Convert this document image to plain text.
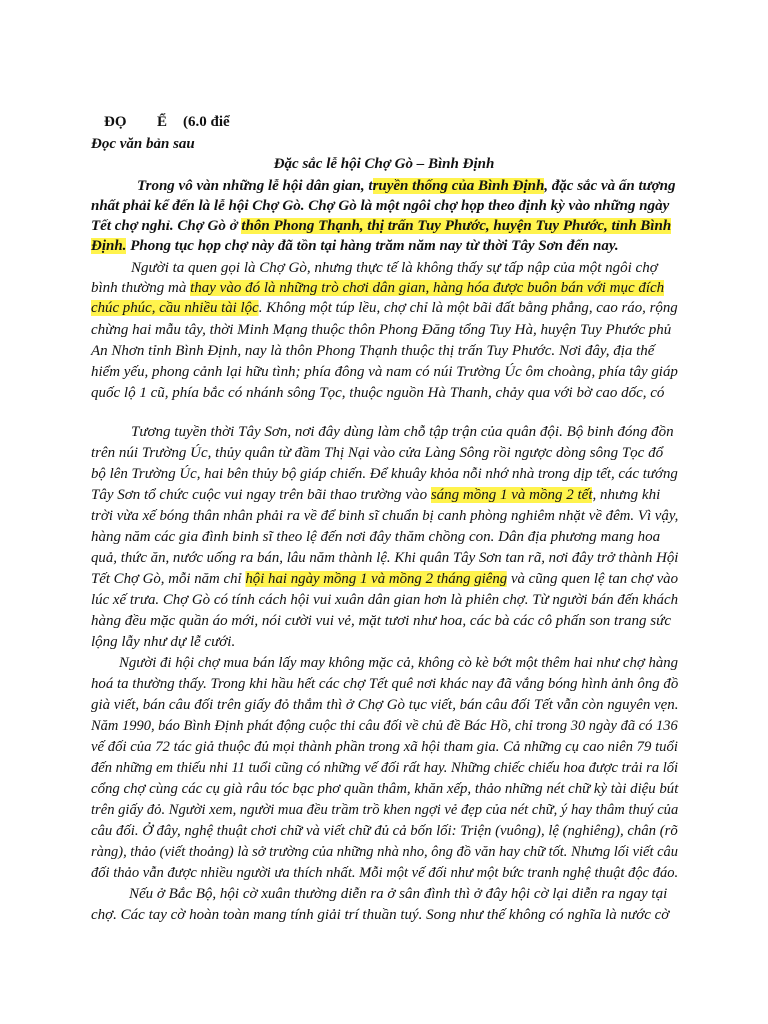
ĐỌ Ể (6.0 điể
Đọc văn bản sau
Đặc sắc lễ hội Chợ Gò – Bình Định
Trong vô vàn những lễ hội dân gian, truyền thống của Bình Định, đặc sắc và ấn tượng
nhất phải kể đến là lễ hội Chợ Gò. Chợ Gò là một ngôi chợ họp theo định kỳ vào những ngày
Tết chợ nghỉ. Chợ Gò ở thôn Phong Thạnh, thị trấn Tuy Phước, huyện Tuy Phước, tỉnh Bình
Định. Phong tục họp chợ này đã tồn tại hàng trăm năm nay từ thời Tây Sơn đến nay.
Người ta quen gọi là Chợ Gò, nhưng thực tế là không thấy sự tấp nập của một ngôi chợ
bình thường mà thay vào đó là những trò chơi dân gian, hàng hóa được buôn bán với mục đích
chúc phúc, cầu nhiều tài lộc. Không một túp lều, chợ chỉ là một bãi đất bằng phẳng, cao ráo, rộng
chừng hai mẫu tây, thời Minh Mạng thuộc thôn Phong Đăng tổng Tuy Hà, huyện Tuy Phước phủ
An Nhơn tỉnh Bình Định, nay là thôn Phong Thạnh thuộc thị trấn Tuy Phước. Nơi đây, địa thế
hiểm yếu, phong cảnh lại hữu tình; phía đông và nam có núi Trường Úc ôm choàng, phía tây giáp
quốc lộ 1 cũ, phía bắc có nhánh sông Tọc, thuộc nguồn Hà Thanh, chảy qua với bờ cao dốc, có
Tương tuyền thời Tây Sơn, nơi đây dùng làm chỗ tập trận của quân đội. Bộ binh đóng đồn
trên núi Trường Úc, thủy quân từ đầm Thị Nại vào cửa Làng Sông rồi ngược dòng sông Tọc đổ
bộ lên Trường Úc, hai bên thủy bộ giáp chiến. Để khuây khỏa nỗi nhớ nhà trong dịp tết, các tướng
Tây Sơn tổ chức cuộc vui ngay trên bãi thao trường vào sáng mồng 1 và mồng 2 tết, nhưng khi
trời vừa xế bóng thân nhân phải ra về để binh sĩ chuẩn bị canh phòng nghiêm nhặt về đêm. Vì vậy,
hàng năm các gia đình binh sĩ theo lệ đến nơi đây thăm chồng con. Dân địa phương mang hoa
quả, thức ăn, nước uống ra bán, lâu năm thành lệ. Khi quân Tây Sơn tan rã, nơi đây trở thành Hội
Tết Chợ Gò, mỗi năm chỉ hội hai ngày mồng 1 và mồng 2 tháng giêng và cũng quen lệ tan chợ vào
lúc xế trưa. Chợ Gò có tính cách hội vui xuân dân gian hơn là phiên chợ. Từ người bán đến khách
hàng đều mặc quần áo mới, nói cười vui vẻ, mặt tươi như hoa, các bà các cô phấn son trang sức
lộng lẫy như dự lễ cưới.
Người đi hội chợ mua bán lấy may không mặc cả, không cò kè bớt một thêm hai như chợ hàng
hoá ta thường thấy. Trong khi hầu hết các chợ Tết quê nơi khác nay đã vắng bóng hình ảnh ông đồ
già viết, bán câu đối trên giấy đỏ thắm thì ở Chợ Gò tục viết, bán câu đối Tết vẫn còn nguyên vẹn.
Năm 1990, báo Bình Định phát động cuộc thi câu đối về chủ đề Bác Hồ, chỉ trong 30 ngày đã có 136
vế đối của 72 tác giả thuộc đủ mọi thành phần trong xã hội tham gia. Cả những cụ cao niên 79 tuổi
đến những em thiếu nhi 11 tuổi cũng có những vế đối rất hay. Những chiếc chiếu hoa được trải ra lối
cổng chợ cùng các cụ già râu tóc bạc phơ quần thâm, khăn xếp, thảo những nét chữ kỳ tài diệu bút
trên giấy đỏ. Người xem, người mua đều trầm trồ khen ngợi vẻ đẹp của nét chữ, ý hay thâm thuý của
câu đối. Ở đây, nghệ thuật chơi chữ và viết chữ đủ cả bốn lối: Triện (vuông), lệ (nghiêng), chân (rõ
ràng), thảo (viết thoảng) là sở trường của những nhà nho, ông đồ văn hay chữ tốt. Nhưng lối viết câu
đối thảo vẫn được nhiều người ưa thích nhất. Mỗi một vế đối như một bức tranh nghệ thuật độc đáo.
Nếu ở Bắc Bộ, hội cờ xuân thường diễn ra ở sân đình thì ở đây hội cờ lại diễn ra ngay tại
chợ. Các tay cờ hoàn toàn mang tính giải trí thuần tuý. Song như thế không có nghĩa là nước cờ
